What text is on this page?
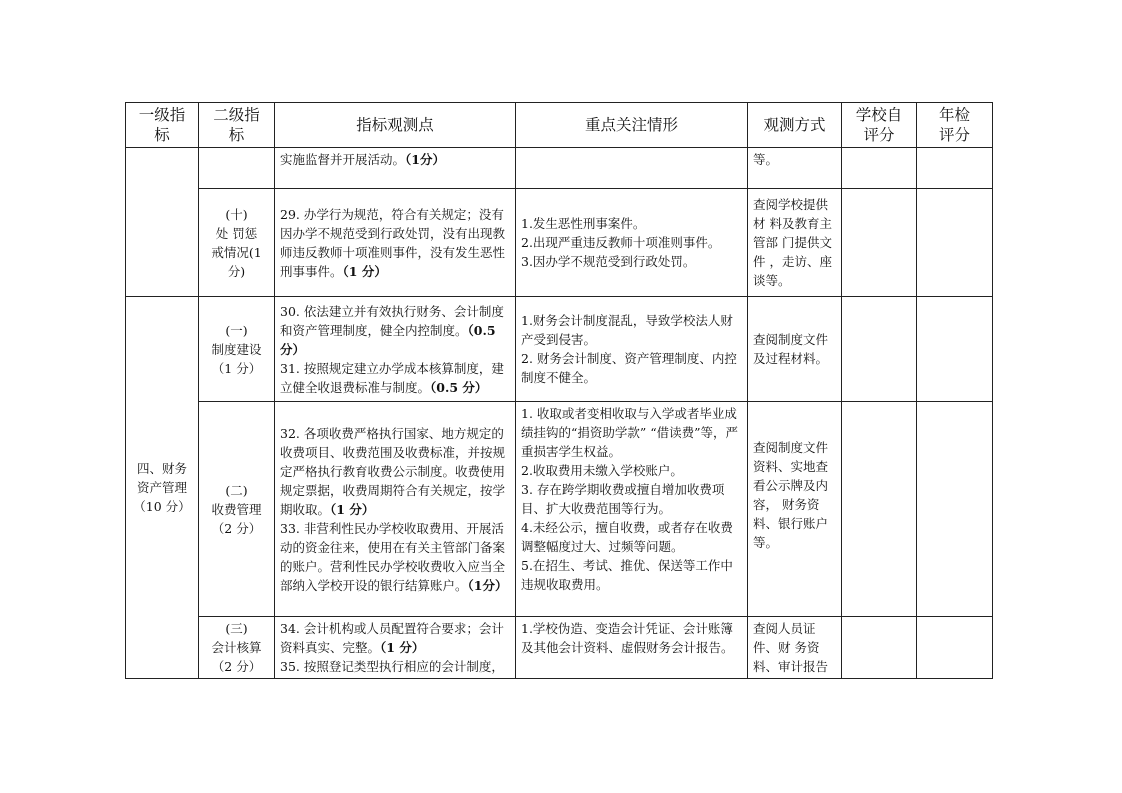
一级指
标	二级指
标	指标观测点	重点关注情形	观测方式	学校自
评分	年检
评分

		实施监督并开展活动。（1分）		等。		

	(十)
处 罚惩
戒情况(1
分)	29. 办学行为规范，符合有关规定；没有因办学不规范受到行政处罚，没有出现教师违反教师十项准则事件，没有发生恶性刑事事件。（1 分）	1.发生恶性刑事案件。
2.出现严重违反教师十项准则事件。
3.因办学不规范受到行政处罚。	查阅学校提供材 料及教育主管部 门提供文件 ，走访、座谈等。		

四、财务
资产管理
（10 分）	(一)
制度建设
（1 分）	30. 依法建立并有效执行财务、会计制度和资产管理制度，健全内控制度。（0.5 分）
31. 按照规定建立办学成本核算制度，建立健全收退费标准与制度。（0.5 分）	1.财务会计制度混乱，导致学校法人财产受到侵害。
2. 财务会计制度、资产管理制度、内控制度不健全。	查阅制度文件及过程材料。		

	(二)
收费管理
（2 分）	32. 各项收费严格执行国家、地方规定的收费项目、收费范围及收费标准，并按规定严格执行教育收费公示制度。收费使用规定票据，收费周期符合有关规定，按学期收取。（1 分）
33. 非营利性民办学校收取费用、开展活动的资金往来，使用在有关主管部门备案的账户。营利性民办学校收费收入应当全部纳入学校开设的银行结算账户。（1分）	1. 收取或者变相收取与入学或者毕业成 绩挂钩的“捐资助学款” “借读费”等，严重损害学生权益。
2.收取费用未缴入学校账户。
3. 存在跨学期收费或擅自增加收费项目、扩大收费范围等行为。
4.未经公示，擅自收费，或者存在收费调整幅度过大、过频等问题。
5.在招生、考试、推优、保送等工作中违规收取费用。	查阅制度文件资料、实地查看公示牌及内容， 财务资料、银行账户等。		

	(三)
会计核算
（2 分）	34. 会计机构或人员配置符合要求；会计资料真实、完整。（1 分）
35. 按照登记类型执行相应的会计制度，	1.学校伪造、变造会计凭证、会计账簿及其他会计资料、虚假财务会计报告。	查阅人员证件、财 务资料、审计报告		
